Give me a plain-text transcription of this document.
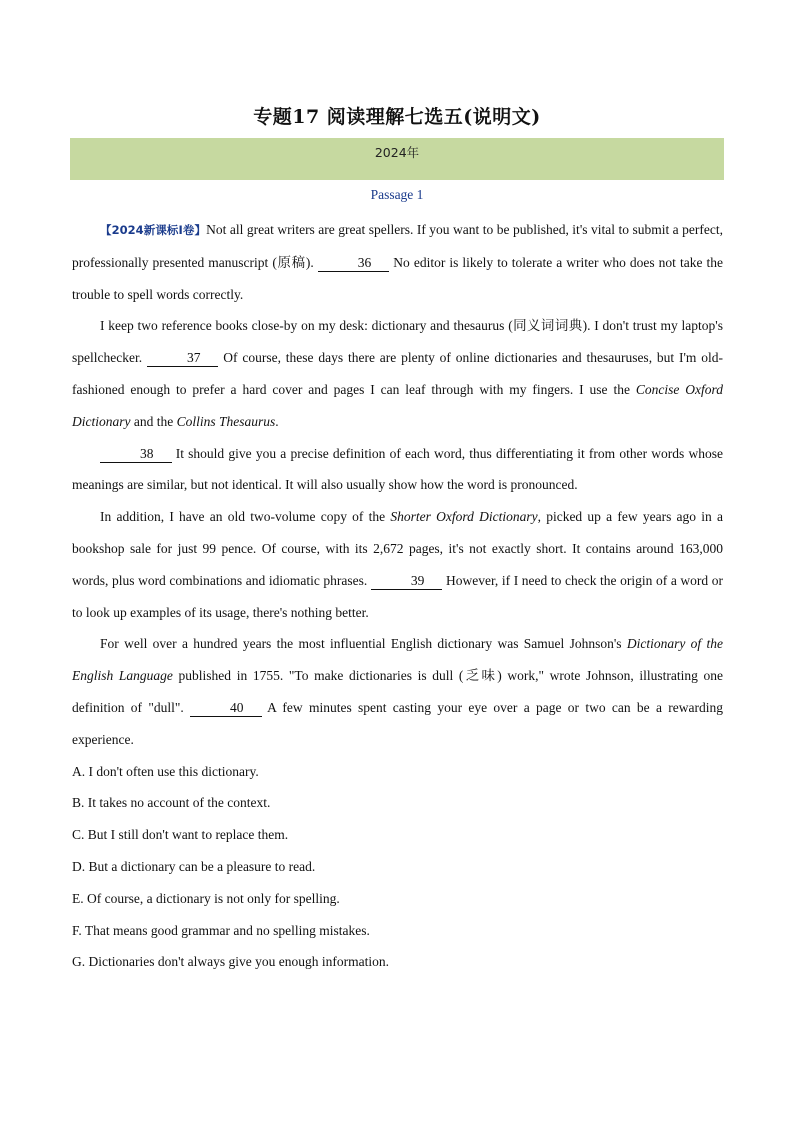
专题17 阅读理解七选五(说明文)
2024年
Passage 1

【2024新课标Ⅰ卷】Not all great writers are great spellers. If you want to be published, it's vital to submit a perfect, professionally presented manuscript (原稿).	36 No editor is likely to tolerate a writer who does not take the trouble to spell words correctly.

I keep two reference books close-by on my desk: dictionary and thesaurus (同义词词典). I don't trust my laptop's spellchecker.	37 Of course, these days there are plenty of online dictionaries and thesauruses, but I'm old-fashioned enough to prefer a hard cover and pages I can leaf through with my fingers. I use the Concise Oxford Dictionary and the Collins Thesaurus.

38 It should give you a precise definition of each word, thus differentiating it from other words whose meanings are similar, but not identical. It will also usually show how the word is pronounced.

In addition, I have an old two-volume copy of the Shorter Oxford Dictionary, picked up a few years ago in a bookshop sale for just 99 pence. Of course, with its 2,672 pages, it's not exactly short. It contains around 163,000 words, plus word combinations and idiomatic phrases.	39 However, if I need to check the origin of a word or to look up examples of its usage, there's nothing better.

For well over a hundred years the most influential English dictionary was Samuel Johnson's Dictionary of the English Language published in 1755. "To make dictionaries is dull (乏味) work," wrote Johnson, illustrating one definition of "dull".	40 A few minutes spent casting your eye over a page or two can be a rewarding experience.

A. I don't often use this dictionary.
B. It takes no account of the context.
C. But I still don't want to replace them.
D. But a dictionary can be a pleasure to read.
E. Of course, a dictionary is not only for spelling.
F. That means good grammar and no spelling mistakes.
G. Dictionaries don't always give you enough information.
